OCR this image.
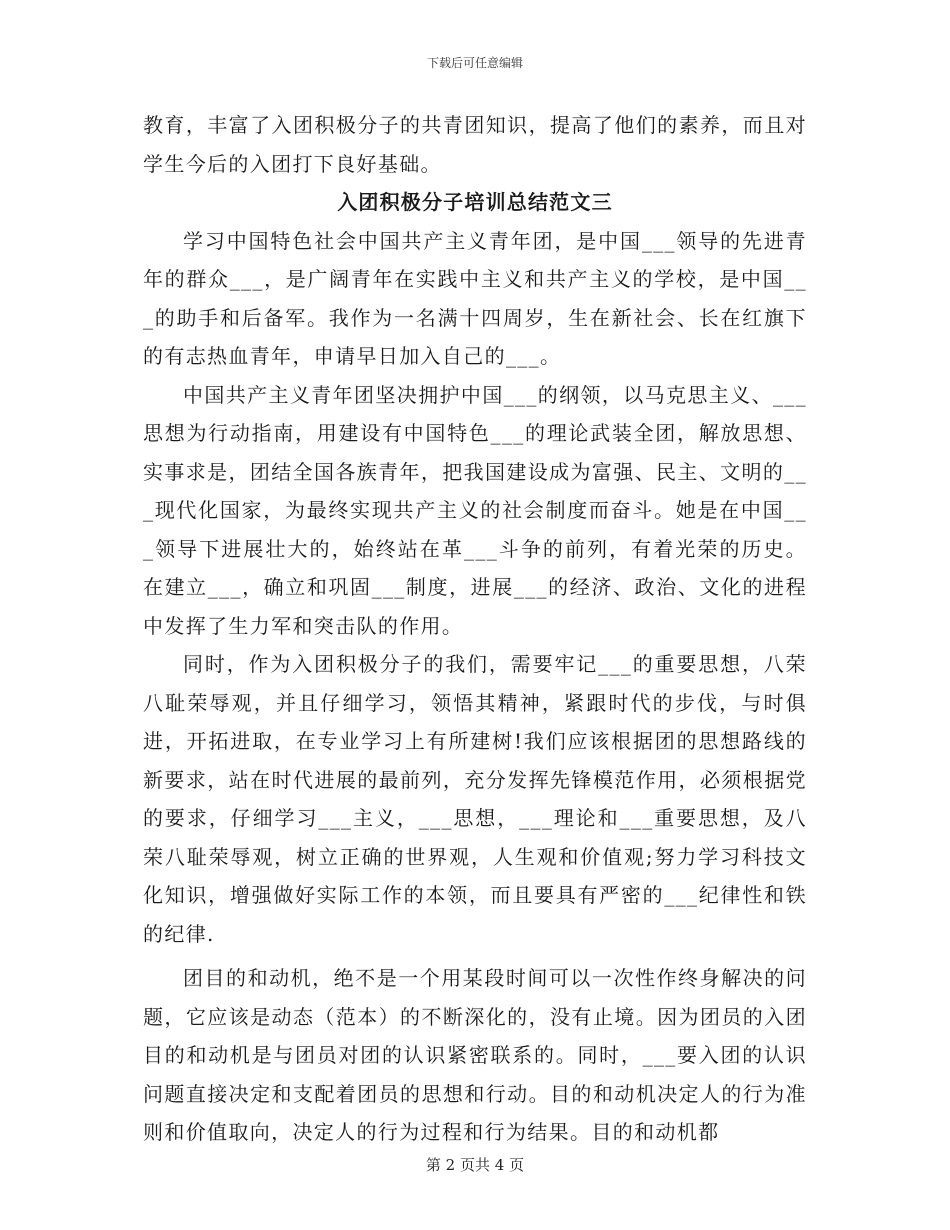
下载后可任意编辑

教育，丰富了入团积极分子的共青团知识，提高了他们的素养，而且对学生今后的入团打下良好基础。

入团积极分子培训总结范文三

学习中国特色社会中国共产主义青年团，是中国___领导的先进青年的群众___，是广阔青年在实践中主义和共产主义的学校，是中国___的助手和后备军。我作为一名满十四周岁，生在新社会、长在红旗下的有志热血青年，申请早日加入自己的___。

中国共产主义青年团坚决拥护中国___的纲领，以马克思主义、___思想为行动指南，用建设有中国特色___的理论武装全团，解放思想、实事求是，团结全国各族青年，把我国建设成为富强、民主、文明的___现代化国家，为最终实现共产主义的社会制度而奋斗。她是在中国___领导下进展壮大的，始终站在革___斗争的前列，有着光荣的历史。在建立___，确立和巩固___制度，进展___的经济、政治、文化的进程中发挥了生力军和突击队的作用。

同时，作为入团积极分子的我们，需要牢记___的重要思想，八荣八耻荣辱观，并且仔细学习，领悟其精神，紧跟时代的步伐，与时俱进，开拓进取，在专业学习上有所建树!我们应该根据团的思想路线的新要求，站在时代进展的最前列，充分发挥先锋模范作用，必须根据党的要求，仔细学习___主义，___思想，___理论和___重要思想，及八荣八耻荣辱观，树立正确的世界观，人生观和价值观;努力学习科技文化知识，增强做好实际工作的本领，而且要具有严密的___纪律性和铁的纪律.

团目的和动机，绝不是一个用某段时间可以一次性作终身解决的问题，它应该是动态（范本）的不断深化的，没有止境。因为团员的入团目的和动机是与团员对团的认识紧密联系的。同时，___要入团的认识问题直接决定和支配着团员的思想和行动。目的和动机决定人的行为准则和价值取向，决定人的行为过程和行为结果。目的和动机都

第 2 页共 4 页
